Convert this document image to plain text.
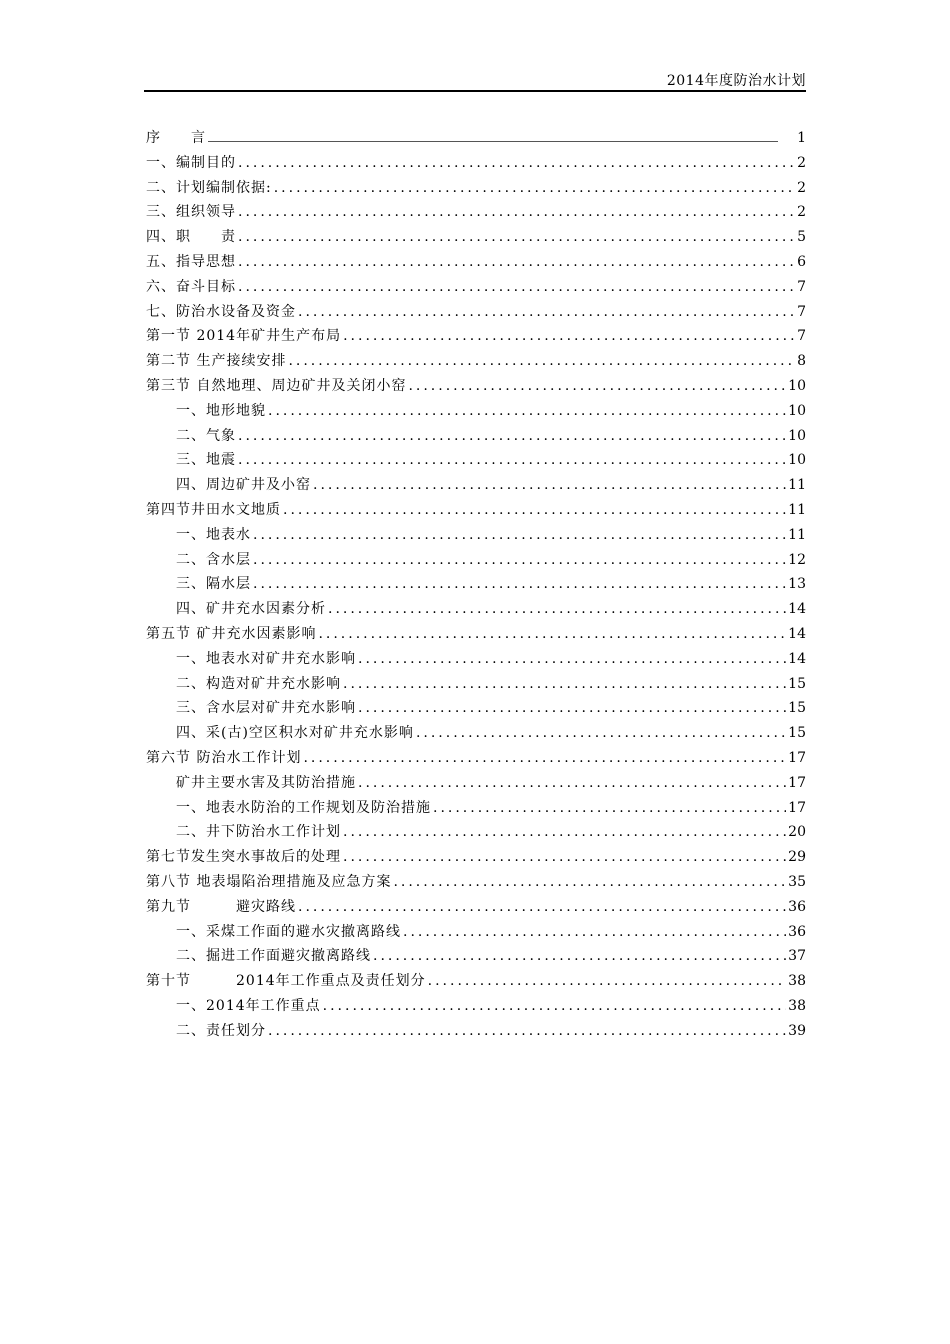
2014年度防治水计划
序　　言	1
一、编制目的 .....	2
二、计划编制依据: .....	2
三、组织领导 .....	2
四、职　　责 .....	5
五、指导思想 .....	6
六、奋斗目标 .....	7
七、防治水设备及资金 .....	7
第一节 2014年矿井生产布局 .....	7
第二节 生产接续安排 .....	8
第三节 自然地理、周边矿井及关闭小窑 .....	10
一、地形地貌 .....	10
二、气象 .....	10
三、地震 .....	10
四、周边矿井及小窑 .....	11
第四节井田水文地质 .....	11
一、地表水 .....	11
二、含水层 .....	12
三、隔水层 .....	13
四、矿井充水因素分析 .....	14
第五节 矿井充水因素影响 .....	14
一、地表水对矿井充水影响 .....	14
二、构造对矿井充水影响 .....	15
三、含水层对矿井充水影响 .....	15
四、采(古)空区积水对矿井充水影响 .....	15
第六节 防治水工作计划 .....	17
矿井主要水害及其防治措施 .....	17
一、地表水防治的工作规划及防治措施 .....	17
二、井下防治水工作计划 .....	20
第七节发生突水事故后的处理 .....	29
第八节 地表塌陷治理措施及应急方案 .....	35
第九节　　　避灾路线 .....	36
一、采煤工作面的避水灾撤离路线 .....	36
二、掘进工作面避灾撤离路线 .....	37
第十节　　　2014年工作重点及责任划分 .....	38
一、2014年工作重点 .....	38
二、责任划分 .....	39
